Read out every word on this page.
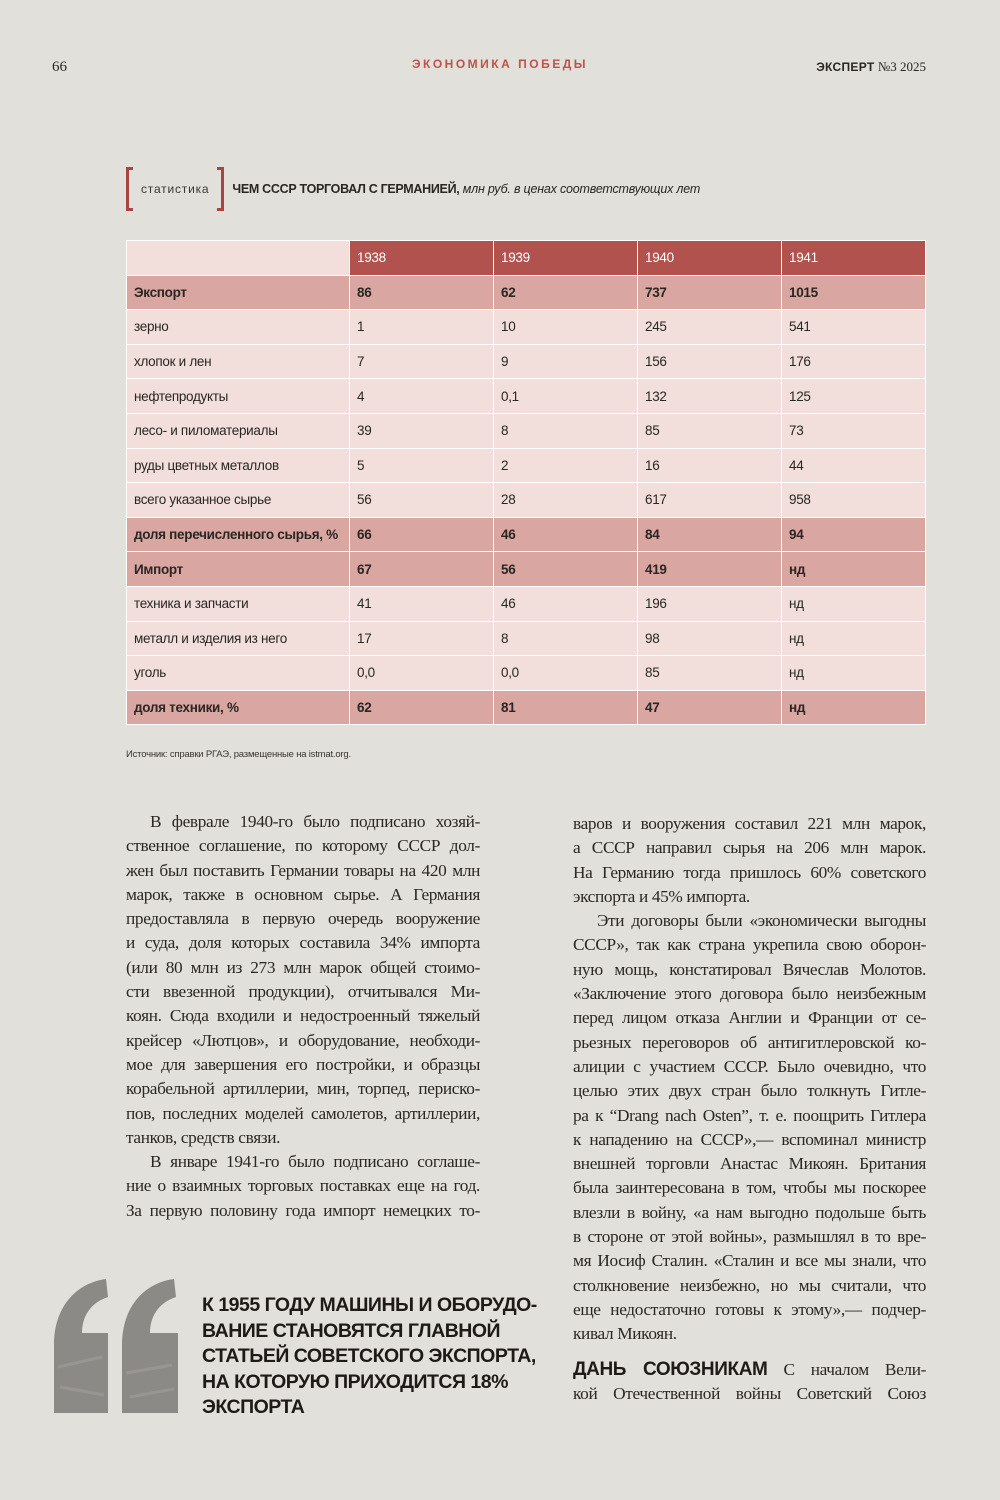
66	ЭКОНОМИКА ПОБЕДЫ	ЭКСПЕРТ №3 2025
статистика	ЧЕМ СССР ТОРГОВАЛ С ГЕРМАНИЕЙ, млн руб. в ценах соответствующих лет
	1938	1939	1940	1941
Экспорт	86	62	737	1015
зерно	1	10	245	541
хлопок и лен	7	9	156	176
нефтепродукты	4	0,1	132	125
лесо- и пиломатериалы	39	8	85	73
руды цветных металлов	5	2	16	44
всего указанное сырье	56	28	617	958
доля перечисленного сырья, %	66	46	84	94
Импорт	67	56	419	нд
техника и запчасти	41	46	196	нд
металл и изделия из него	17	8	98	нд
уголь	0,0	0,0	85	нд
доля техники, %	62	81	47	нд
Источник: справки РГАЭ, размещенные на istmat.org.
В феврале 1940-го было подписано хозяй-
ственное соглашение, по которому СССР дол-
жен был поставить Германии товары на 420 млн
марок, также в основном сырье. А Германия
предоставляла в первую очередь вооружение
и суда, доля которых составила 34% импорта
(или 80 млн из 273 млн марок общей стоимо-
сти ввезенной продукции), отчитывался Ми-
коян. Сюда входили и недостроенный тяжелый
крейсер «Лютцов», и оборудование, необходи-
мое для завершения его постройки, и образцы
корабельной артиллерии, мин, торпед, периско-
пов, последних моделей самолетов, артиллерии,
танков, средств связи.
В январе 1941-го было подписано соглаше-
ние о взаимных торговых поставках еще на год.
За первую половину года импорт немецких то-
варов и вооружения составил 221 млн марок,
а СССР направил сырья на 206 млн марок.
На Германию тогда пришлось 60% советского
экспорта и 45% импорта.
Эти договоры были «экономически выгодны
СССР», так как страна укрепила свою оборон-
ную мощь, констатировал Вячеслав Молотов.
«Заключение этого договора было неизбежным
перед лицом отказа Англии и Франции от се-
рьезных переговоров об антигитлеровской ко-
алиции с участием СССР. Было очевидно, что
целью этих двух стран было толкнуть Гитле-
ра к “Drang nach Osten”, т. е. поощрить Гитлера
к нападению на СССР»,— вспоминал министр
внешней торговли Анастас Микоян. Британия
была заинтересована в том, чтобы мы поскорее
влезли в войну, «а нам выгодно подольше быть
в стороне от этой войны», размышлял в то вре-
мя Иосиф Сталин. «Сталин и все мы знали, что
столкновение неизбежно, но мы считали, что
еще недостаточно готовы к этому»,— подчер-
кивал Микоян.
ДАНЬ СОЮЗНИКАМ С началом Вели-
кой Отечественной войны Советский Союз
К 1955 ГОДУ МАШИНЫ И ОБОРУДО-
ВАНИЕ СТАНОВЯТСЯ ГЛАВНОЙ
СТАТЬЕЙ СОВЕТСКОГО ЭКСПОРТА,
НА КОТОРУЮ ПРИХОДИТСЯ 18%
ЭКСПОРТА
